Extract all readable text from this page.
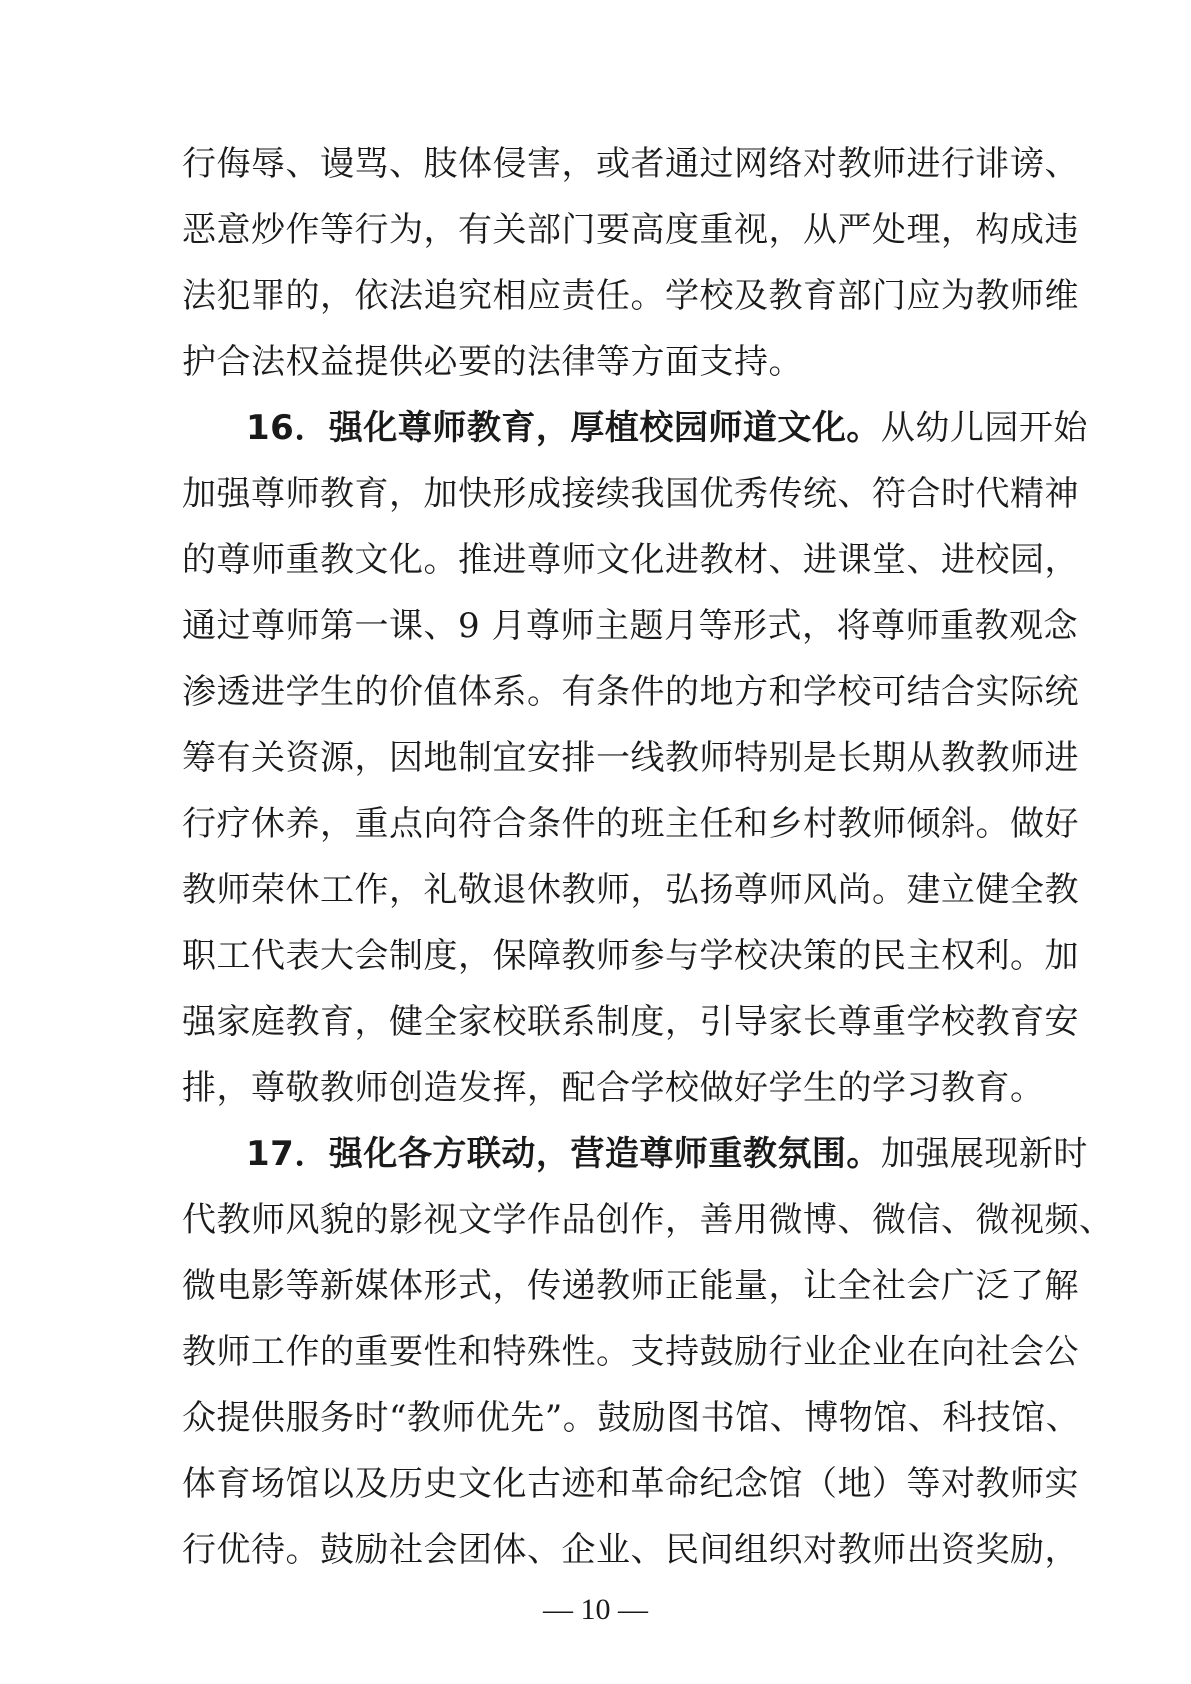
行侮辱、谩骂、肢体侵害，或者通过网络对教师进行诽谤、
恶意炒作等行为，有关部门要高度重视，从严处理，构成违
法犯罪的，依法追究相应责任。学校及教育部门应为教师维
护合法权益提供必要的法律等方面支持。
16．强化尊师教育，厚植校园师道文化。从幼儿园开始
加强尊师教育，加快形成接续我国优秀传统、符合时代精神
的尊师重教文化。推进尊师文化进教材、进课堂、进校园，
通过尊师第一课、9 月尊师主题月等形式，将尊师重教观念
渗透进学生的价值体系。有条件的地方和学校可结合实际统
筹有关资源，因地制宜安排一线教师特别是长期从教教师进
行疗休养，重点向符合条件的班主任和乡村教师倾斜。做好
教师荣休工作，礼敬退休教师，弘扬尊师风尚。建立健全教
职工代表大会制度，保障教师参与学校决策的民主权利。加
强家庭教育，健全家校联系制度，引导家长尊重学校教育安
排，尊敬教师创造发挥，配合学校做好学生的学习教育。
17．强化各方联动，营造尊师重教氛围。加强展现新时
代教师风貌的影视文学作品创作，善用微博、微信、微视频、
微电影等新媒体形式，传递教师正能量，让全社会广泛了解
教师工作的重要性和特殊性。支持鼓励行业企业在向社会公
众提供服务时“教师优先”。鼓励图书馆、博物馆、科技馆、
体育场馆以及历史文化古迹和革命纪念馆（地）等对教师实
行优待。鼓励社会团体、企业、民间组织对教师出资奖励，
— 10 —
